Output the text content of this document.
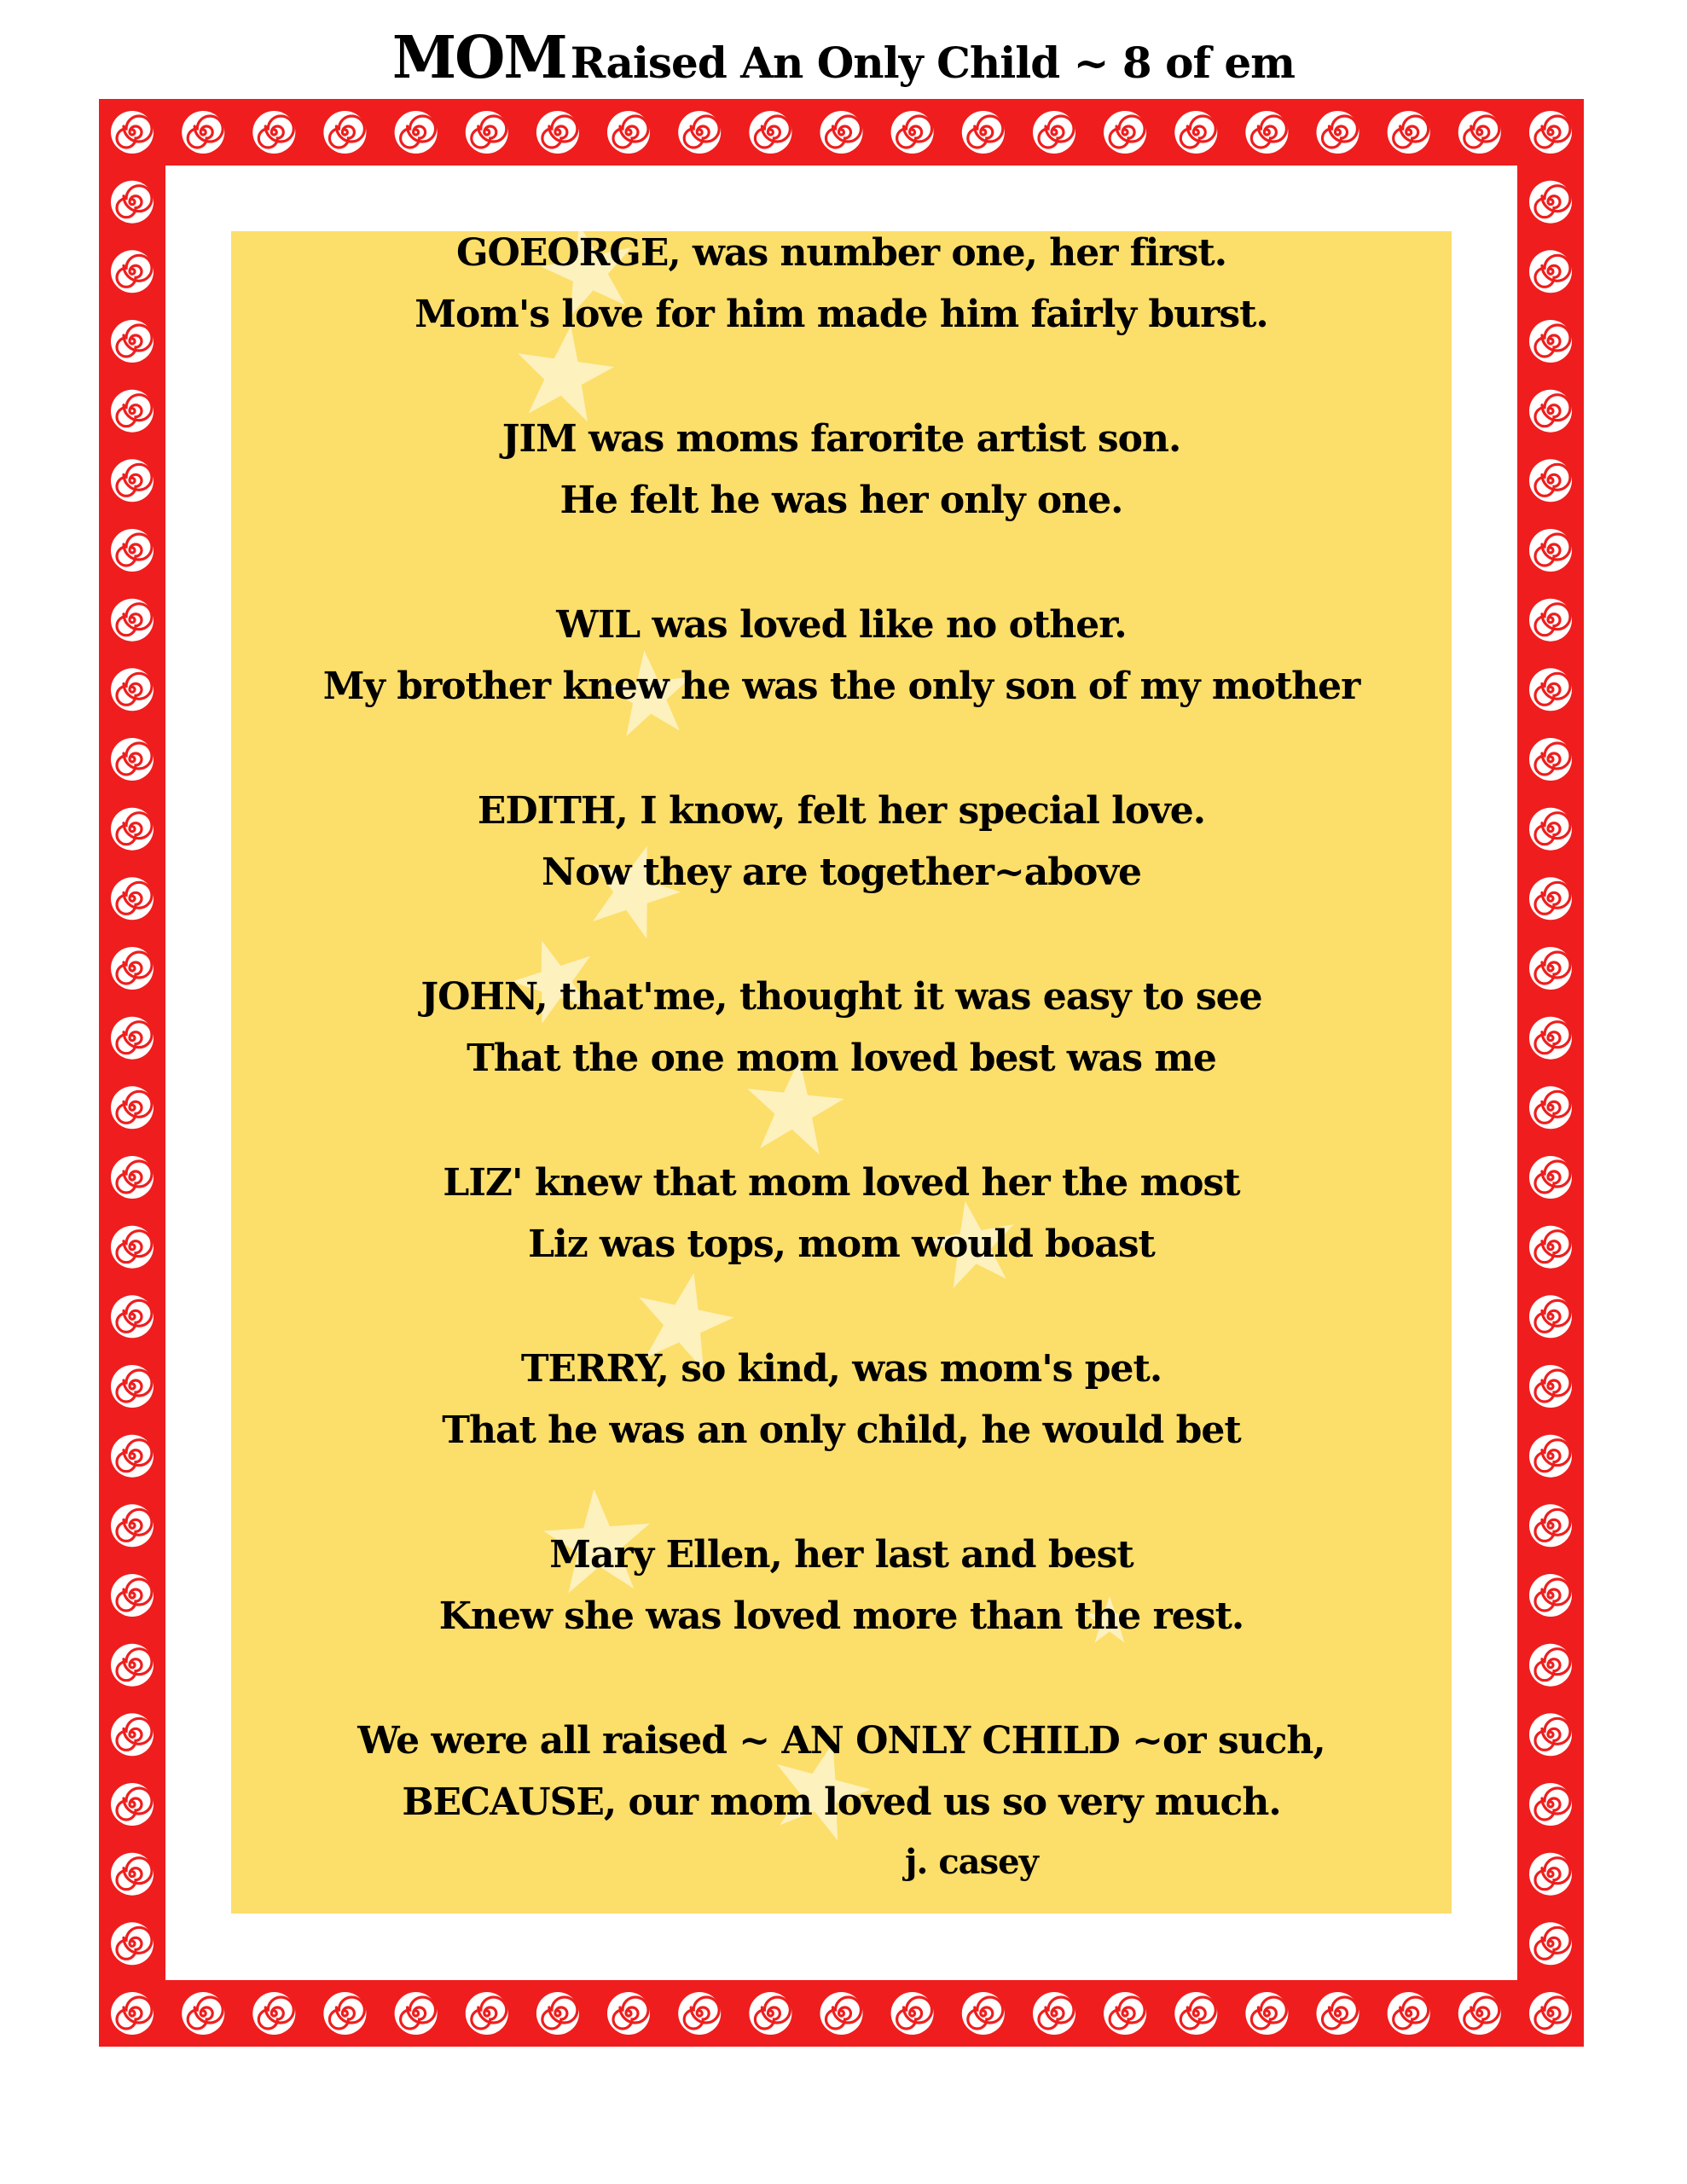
MOM Raised An Only Child ~ 8 of em
GOEORGE, was number one, her first.
Mom's love for him made him fairly burst.
JIM was moms farorite artist son.
He felt he was her only one.
WIL was loved like no other.
My brother knew he was the only son of my mother
EDITH, I know, felt her special love.
Now they are together~above
JOHN, that'me, thought it was easy to see
That the one mom loved best was me
LIZ' knew that mom loved her the most
Liz was tops, mom would boast
TERRY, so kind, was mom's pet.
That he was an only child, he would bet
Mary Ellen, her last and best
Knew she was loved more than the rest.
We were all raised ~ AN ONLY CHILD ~or such,
BECAUSE, our mom loved us so very much.
j. casey
